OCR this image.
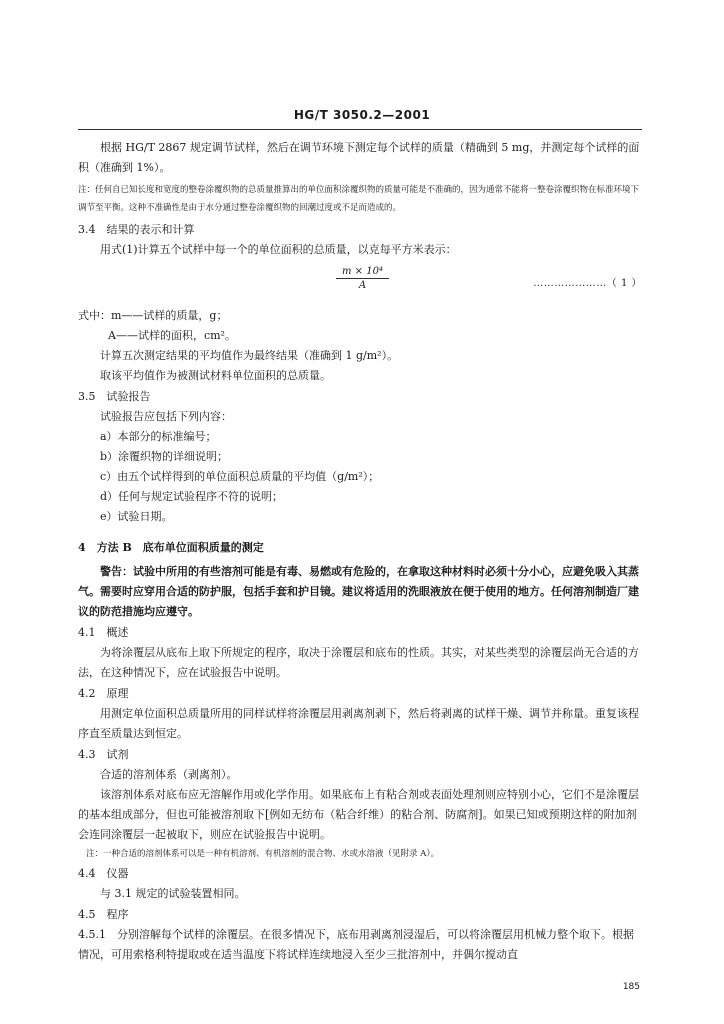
HG/T 3050.2—2001

根据 HG/T 2867 规定调节试样，然后在调节环境下测定每个试样的质量（精确到 5 mg，并测定每个试样的面积（准确到 1%）。

注：任何自已知长度和宽度的整卷涂覆织物的总质量推算出的单位面积涂覆织物的质量可能是不准确的，因为通常不能将一整卷涂覆织物在标准环境下调节至平衡。这种不准确性是由于水分通过整卷涂覆织物的回潮过度或不足而造成的。

3.4　结果的表示和计算

用式(1)计算五个试样中每一个的单位面积的总质量，以克每平方米表示：

$\frac{\text{m × 10⁴}}{A}$	…………………（ 1 ）

式中：m——试样的质量，g；

A——试样的面积，cm²。

计算五次测定结果的平均值作为最终结果（准确到 1 g/m²）。

取该平均值作为被测试材料单位面积的总质量。

3.5　试验报告

试验报告应包括下列内容：

a）本部分的标准编号；

b）涂覆织物的详细说明；

c）由五个试样得到的单位面积总质量的平均值（g/m²）；

d）任何与规定试验程序不符的说明；

e）试验日期。

4　方法 B　底布单位面积质量的测定

警告：试验中所用的有些溶剂可能是有毒、易燃或有危险的，在拿取这种材料时必须十分小心，应避免吸入其蒸气。需要时应穿用合适的防护服，包括手套和护目镜。建议将适用的洗眼液放在便于使用的地方。任何溶剂制造厂建议的防范措施均应遵守。

4.1　概述

为将涂覆层从底布上取下所规定的程序，取决于涂覆层和底布的性质。其实，对某些类型的涂覆层尚无合适的方法，在这种情况下，应在试验报告中说明。

4.2　原理

用测定单位面积总质量所用的同样试样将涂覆层用剥离剂剥下，然后将剥离的试样干燥、调节并称量。重复该程序直至质量达到恒定。

4.3　试剂

合适的溶剂体系（剥离剂）。

该溶剂体系对底布应无溶解作用或化学作用。如果底布上有粘合剂或表面处理剂则应特别小心，它们不是涂覆层的基本组成部分，但也可能被溶剂取下[例如无纺布（粘合纤维）的粘合剂、防腐剂]。如果已知或预期这样的附加剂会连同涂覆层一起被取下，则应在试验报告中说明。

注：一种合适的溶剂体系可以是一种有机溶剂、有机溶剂的混合物、水或水溶液（见附录 A）。

4.4　仪器

与 3.1 规定的试验装置相同。

4.5　程序

4.5.1　分别溶解每个试样的涂覆层。在很多情况下，底布用剥离剂浸湿后，可以将涂覆层用机械力整个取下。根据情况，可用索格利特提取或在适当温度下将试样连续地浸入至少三批溶剂中，并偶尔搅动直

185
